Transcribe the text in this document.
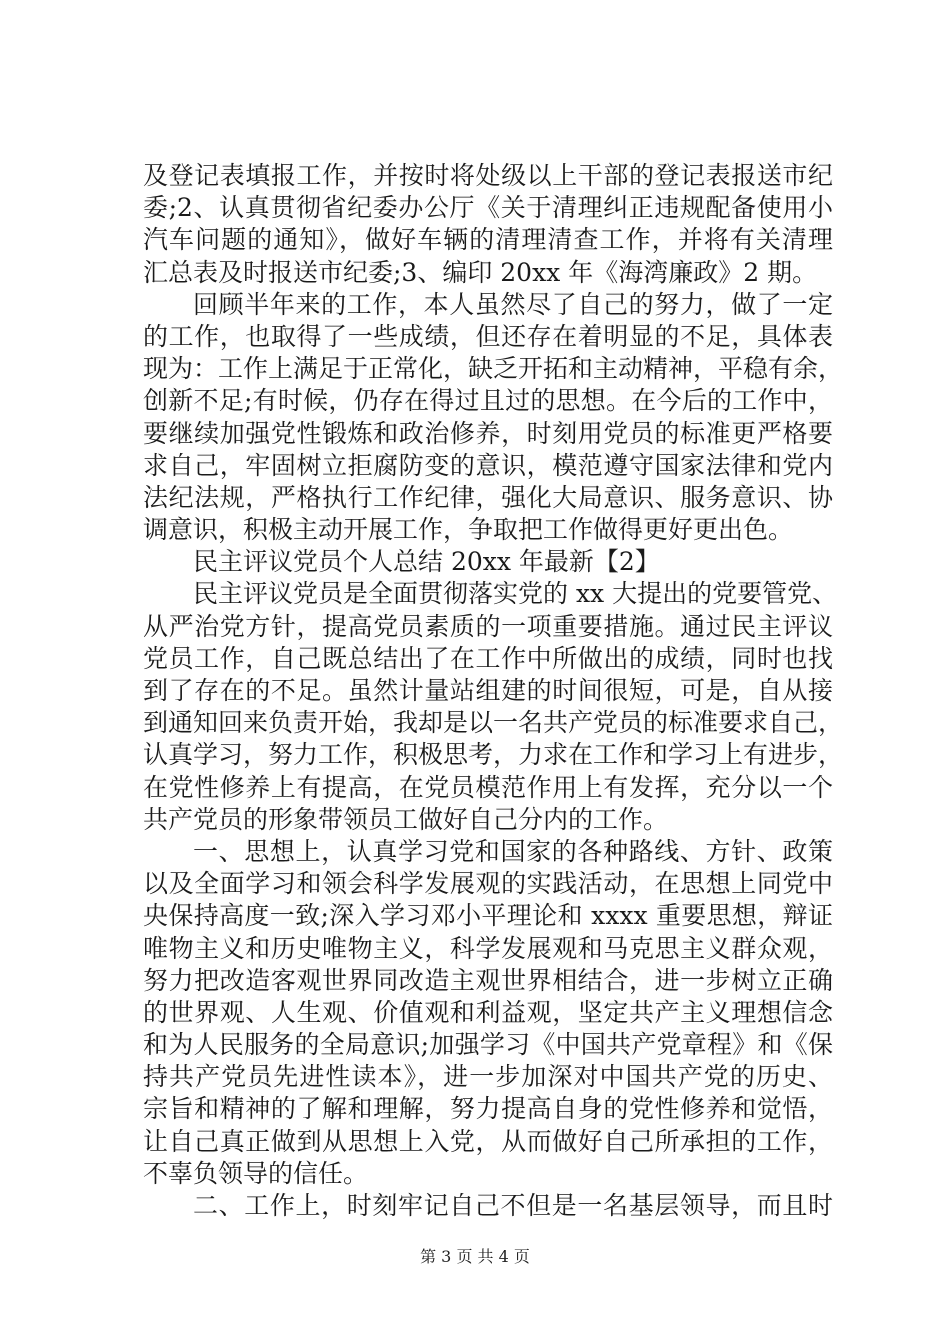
及登记表填报工作，并按时将处级以上干部的登记表报送市纪
委;2、认真贯彻省纪委办公厅《关于清理纠正违规配备使用小
汽车问题的通知》，做好车辆的清理清查工作，并将有关清理
汇总表及时报送市纪委;3、编印 20xx 年《海湾廉政》2 期。
回顾半年来的工作，本人虽然尽了自己的努力，做了一定
的工作，也取得了一些成绩，但还存在着明显的不足，具体表
现为：工作上满足于正常化，缺乏开拓和主动精神，平稳有余，
创新不足;有时候，仍存在得过且过的思想。在今后的工作中，
要继续加强党性锻炼和政治修养，时刻用党员的标准更严格要
求自己，牢固树立拒腐防变的意识，模范遵守国家法律和党内
法纪法规，严格执行工作纪律，强化大局意识、服务意识、协
调意识，积极主动开展工作，争取把工作做得更好更出色。
民主评议党员个人总结 20xx 年最新【2】
民主评议党员是全面贯彻落实党的 xx 大提出的党要管党、
从严治党方针，提高党员素质的一项重要措施。通过民主评议
党员工作，自己既总结出了在工作中所做出的成绩，同时也找
到了存在的不足。虽然计量站组建的时间很短，可是，自从接
到通知回来负责开始，我却是以一名共产党员的标准要求自己，
认真学习，努力工作，积极思考，力求在工作和学习上有进步，
在党性修养上有提高，在党员模范作用上有发挥，充分以一个
共产党员的形象带领员工做好自己分内的工作。
一、思想上，认真学习党和国家的各种路线、方针、政策
以及全面学习和领会科学发展观的实践活动，在思想上同党中
央保持高度一致;深入学习邓小平理论和 xxxx 重要思想，辩证
唯物主义和历史唯物主义，科学发展观和马克思主义群众观，
努力把改造客观世界同改造主观世界相结合，进一步树立正确
的世界观、人生观、价值观和利益观，坚定共产主义理想信念
和为人民服务的全局意识;加强学习《中国共产党章程》和《保
持共产党员先进性读本》，进一步加深对中国共产党的历史、
宗旨和精神的了解和理解，努力提高自身的党性修养和觉悟，
让自己真正做到从思想上入党，从而做好自己所承担的工作，
不辜负领导的信任。
二、工作上，时刻牢记自己不但是一名基层领导，而且时
第 3 页 共 4 页
